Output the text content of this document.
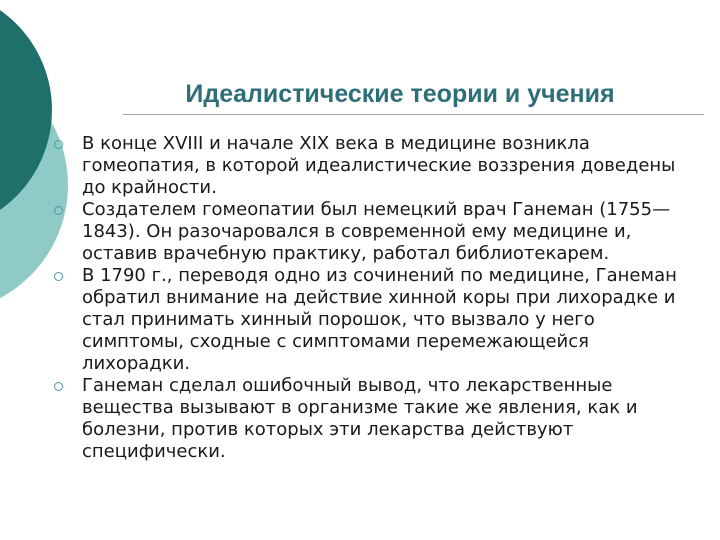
Идеалистические теории и учения
В конце XVIII и начале XIX века в медицине возникла гомеопатия, в которой идеалистические воззрения доведены до крайности.
Создателем гомеопатии был немецкий врач Ганеман (1755—1843). Он разочаровался в современной ему медицине и, оставив врачебную практику, работал библиотекарем.
В 1790 г., переводя одно из сочинений по медицине, Ганеман обратил внимание на действие хинной коры при лихорадке и стал принимать хинный порошок, что вызвало у него симптомы, сходные с симптомами перемежающейся лихорадки.
Ганеман сделал ошибочный вывод, что лекарственные вещества вызывают в организме такие же явления, как и болезни, против которых эти лекарства действуют специфически.
